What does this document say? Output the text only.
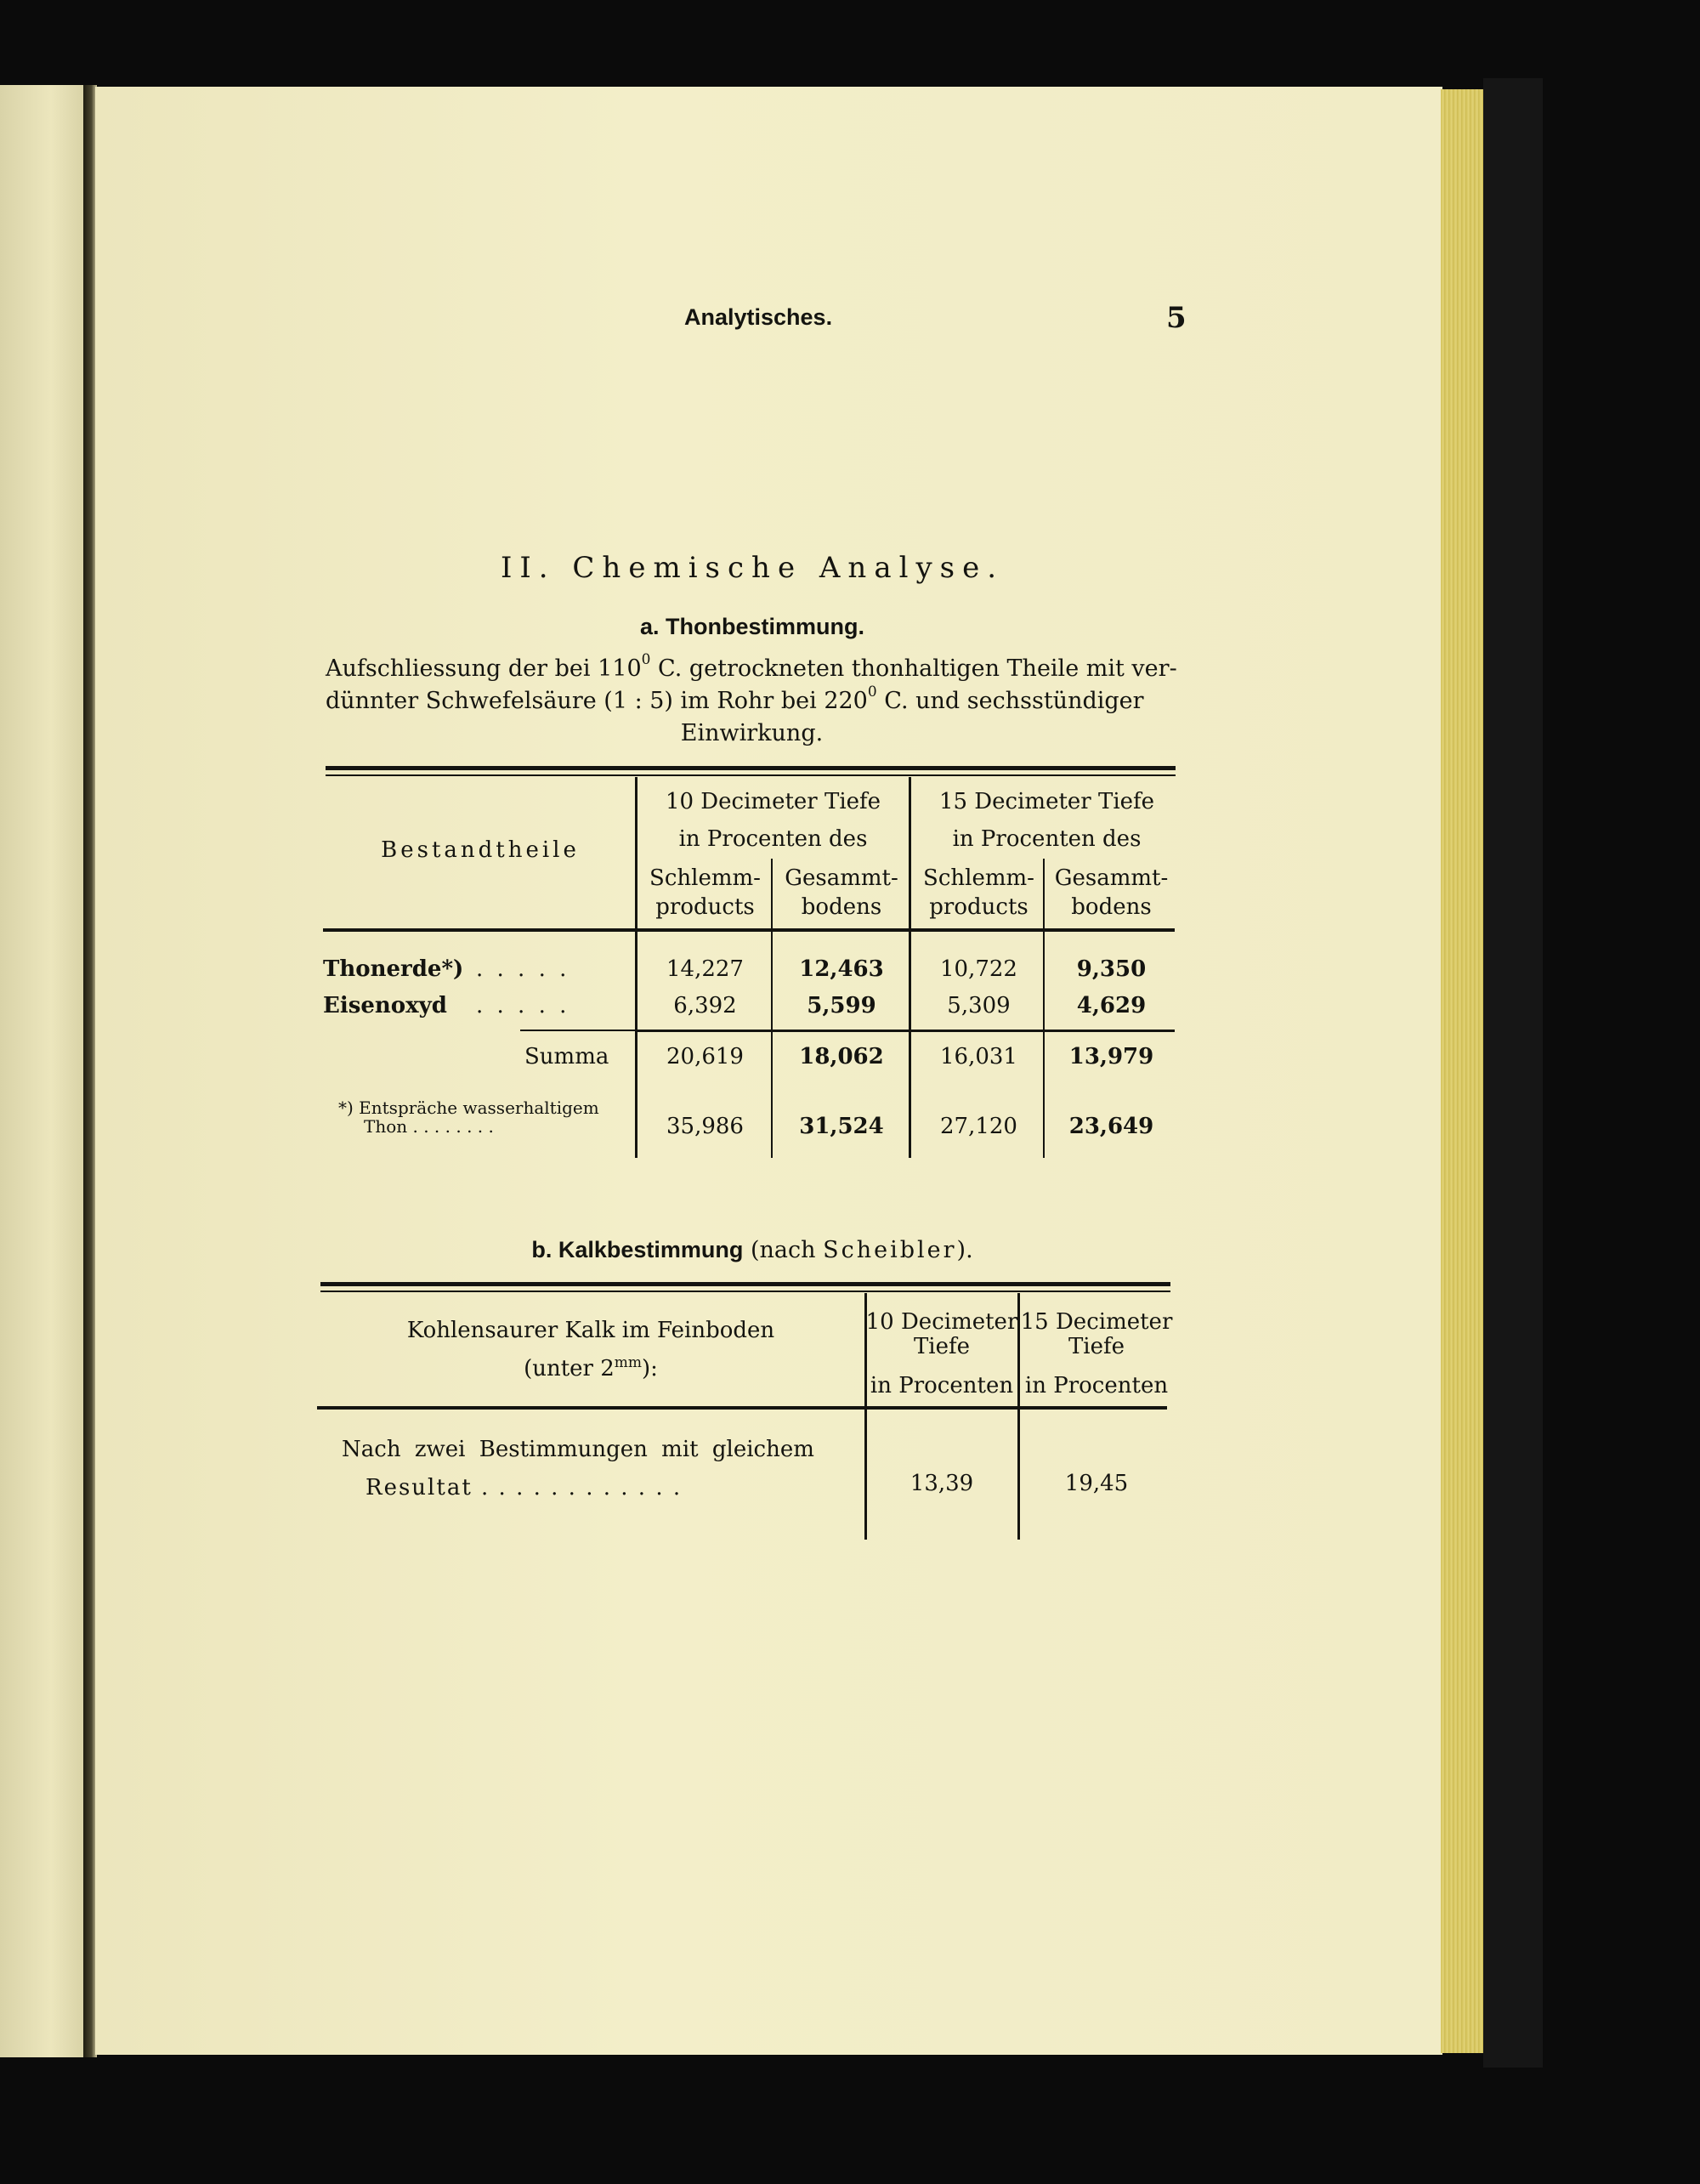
Analytisches.	5
II. Chemische Analyse.
a. Thonbestimmung.
Aufschliessung der bei $110^0$ C. getrockneten thonhaltigen Theile mit ver-
dünnter Schwefelsäure (1 : 5) im Rohr bei $220^0$ C. und sechsstündiger
Einwirkung.
Bestandtheile
10 Decimeter Tiefe
in Procenten des
15 Decimeter Tiefe
in Procenten des
Schlemm-
products
Gesammt-
bodens
Schlemm-
products
Gesammt-
bodens
Thonerde*) . . . . .	14,227	12,463	10,722	9,350
Eisenoxyd . . . . .	6,392	5,599	5,309	4,629
Summa	20,619	18,062	16,031	13,979
*) Entspräche wasserhaltigem
Thon . . . . . . . .	35,986	31,524	27,120	23,649
b. Kalkbestimmung (nach Scheibler).
Kohlensaurer Kalk im Feinboden
(unter $2^{mm}$):
10 Decimeter
Tiefe
in Procenten
15 Decimeter
Tiefe
in Procenten
Nach zwei Bestimmungen mit gleichem
Resultat . . . . . . . . . . . .	13,39	19,45
